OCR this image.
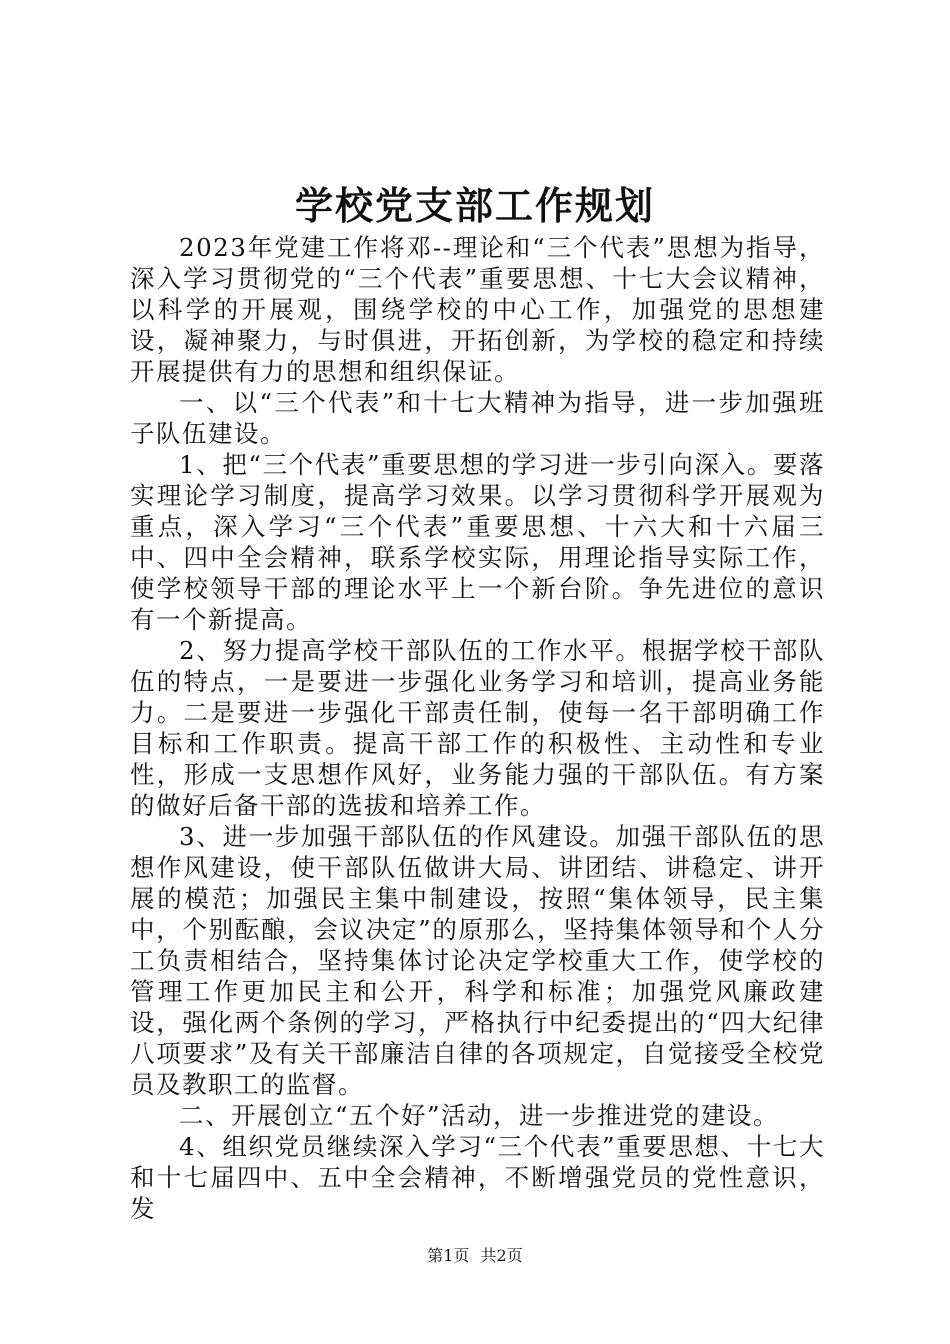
学校党支部工作规划

2023年党建工作将邓--理论和“三个代表”思想为指导，深入学习贯彻党的“三个代表”重要思想、十七大会议精神，以科学的开展观，围绕学校的中心工作，加强党的思想建设，凝神聚力，与时俱进，开拓创新，为学校的稳定和持续开展提供有力的思想和组织保证。

一、以“三个代表”和十七大精神为指导，进一步加强班子队伍建设。

1、把“三个代表”重要思想的学习进一步引向深入。要落实理论学习制度，提高学习效果。以学习贯彻科学开展观为重点，深入学习“三个代表”重要思想、十六大和十六届三中、四中全会精神，联系学校实际，用理论指导实际工作，使学校领导干部的理论水平上一个新台阶。争先进位的意识有一个新提高。

2、努力提高学校干部队伍的工作水平。根据学校干部队伍的特点，一是要进一步强化业务学习和培训，提高业务能力。二是要进一步强化干部责任制，使每一名干部明确工作目标和工作职责。提高干部工作的积极性、主动性和专业性，形成一支思想作风好，业务能力强的干部队伍。有方案的做好后备干部的选拔和培养工作。

3、进一步加强干部队伍的作风建设。加强干部队伍的思想作风建设，使干部队伍做讲大局、讲团结、讲稳定、讲开展的模范；加强民主集中制建设，按照“集体领导，民主集中，个别酝酿，会议决定”的原那么，坚持集体领导和个人分工负责相结合，坚持集体讨论决定学校重大工作，使学校的管理工作更加民主和公开，科学和标准；加强党风廉政建设，强化两个条例的学习，严格执行中纪委提出的“四大纪律八项要求”及有关干部廉洁自律的各项规定，自觉接受全校党员及教职工的监督。

二、开展创立“五个好”活动，进一步推进党的建设。

4、组织党员继续深入学习“三个代表”重要思想、十七大和十七届四中、五中全会精神，不断增强党员的党性意识，发

第1页 共2页
